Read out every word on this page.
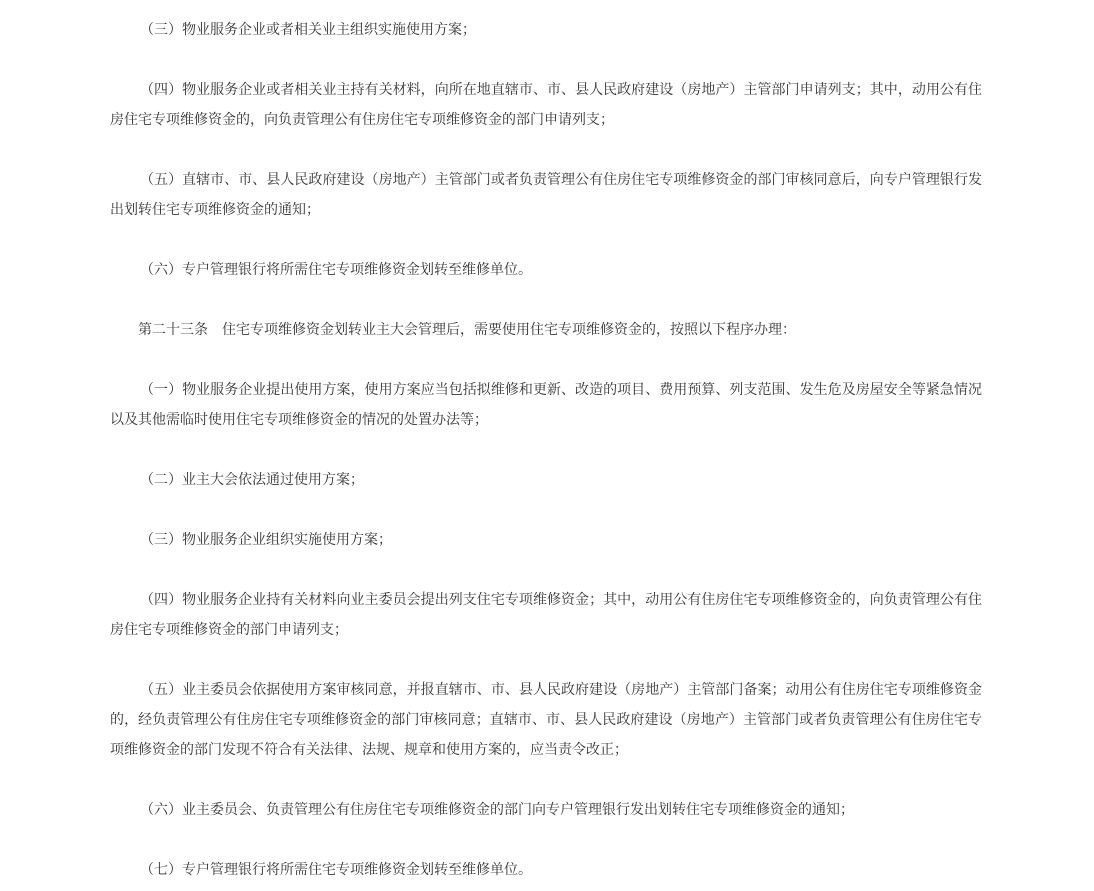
（三）物业服务企业或者相关业主组织实施使用方案；

（四）物业服务企业或者相关业主持有关材料，向所在地直辖市、市、县人民政府建设（房地产）主管部门申请列支；其中，动用公有住房住宅专项维修资金的，向负责管理公有住房住宅专项维修资金的部门申请列支；

（五）直辖市、市、县人民政府建设（房地产）主管部门或者负责管理公有住房住宅专项维修资金的部门审核同意后，向专户管理银行发出划转住宅专项维修资金的通知；

（六）专户管理银行将所需住宅专项维修资金划转至维修单位。

第二十三条　住宅专项维修资金划转业主大会管理后，需要使用住宅专项维修资金的，按照以下程序办理：

（一）物业服务企业提出使用方案，使用方案应当包括拟维修和更新、改造的项目、费用预算、列支范围、发生危及房屋安全等紧急情况以及其他需临时使用住宅专项维修资金的情况的处置办法等；

（二）业主大会依法通过使用方案；

（三）物业服务企业组织实施使用方案；

（四）物业服务企业持有关材料向业主委员会提出列支住宅专项维修资金；其中，动用公有住房住宅专项维修资金的，向负责管理公有住房住宅专项维修资金的部门申请列支；

（五）业主委员会依据使用方案审核同意，并报直辖市、市、县人民政府建设（房地产）主管部门备案；动用公有住房住宅专项维修资金的，经负责管理公有住房住宅专项维修资金的部门审核同意；直辖市、市、县人民政府建设（房地产）主管部门或者负责管理公有住房住宅专项维修资金的部门发现不符合有关法律、法规、规章和使用方案的，应当责令改正；

（六）业主委员会、负责管理公有住房住宅专项维修资金的部门向专户管理银行发出划转住宅专项维修资金的通知；

（七）专户管理银行将所需住宅专项维修资金划转至维修单位。
